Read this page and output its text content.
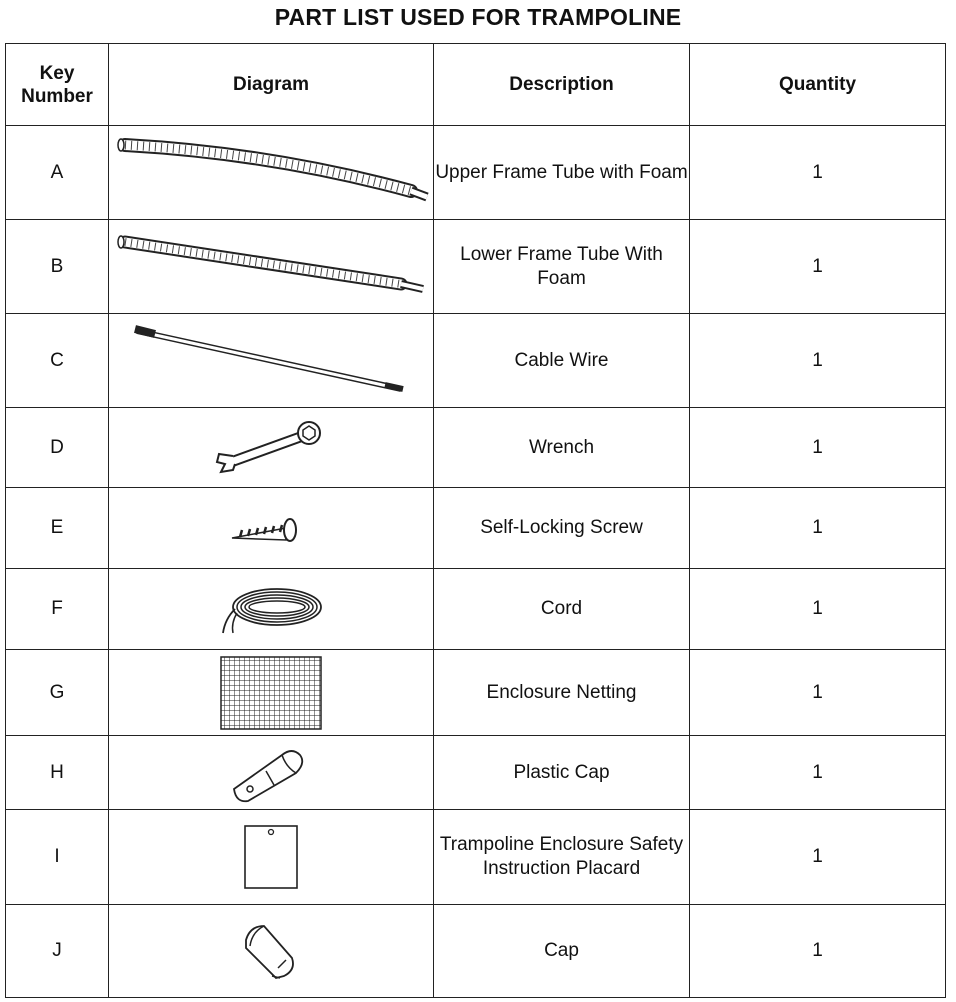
PART LIST USED FOR TRAMPOLINE
Key
Number	Diagram	Description	Quantity
A		Upper Frame Tube with Foam	1
B		Lower Frame Tube With Foam	1
C		Cable Wire	1
D		Wrench	1
E		Self-Locking Screw	1
F		Cord	1
G		Enclosure Netting	1
H		Plastic Cap	1
I		Trampoline Enclosure Safety Instruction Placard	1
J		Cap	1
